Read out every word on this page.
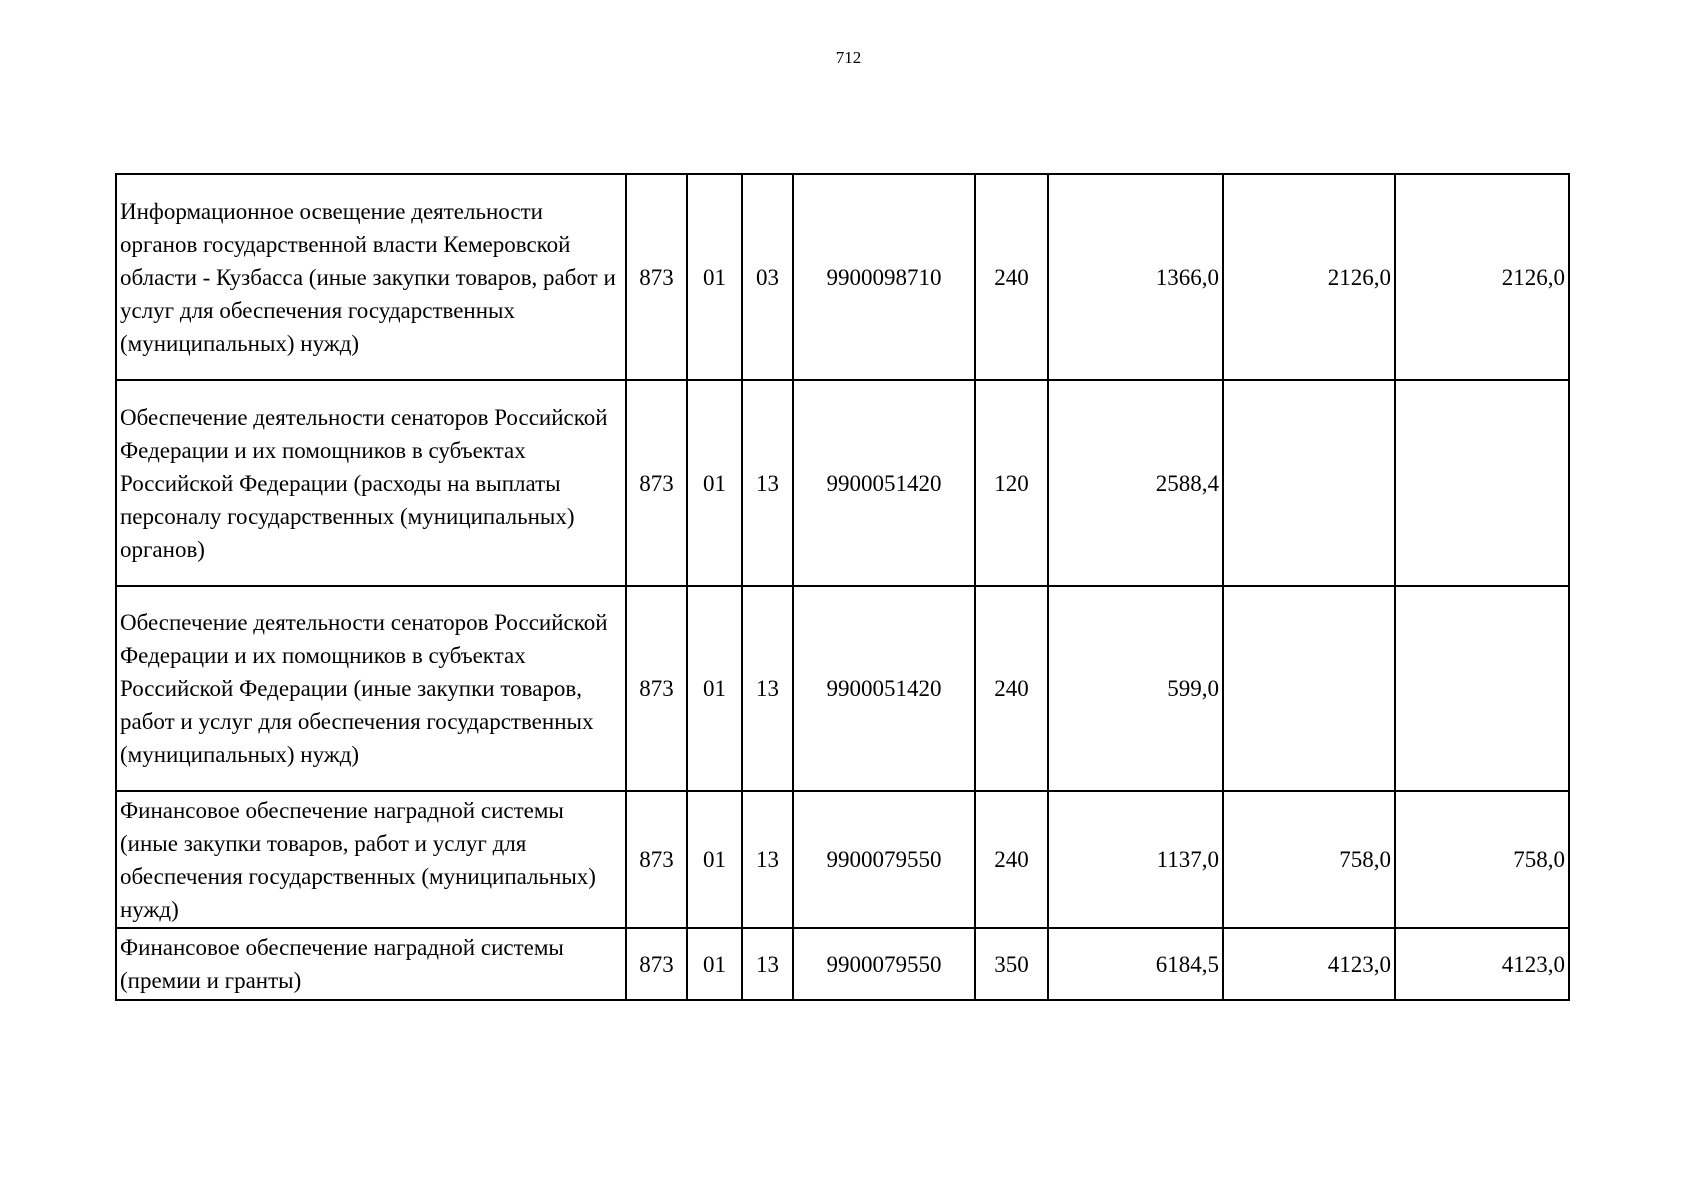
712
Информационное освещение деятельности органов государственной власти Кемеровской области - Кузбасса (иные закупки товаров, работ и услуг для обеспечения государственных (муниципальных) нужд)	873	01	03	9900098710	240	1366,0	2126,0	2126,0
Обеспечение деятельности сенаторов Российской Федерации и их помощников в субъектах Российской Федерации (расходы на выплаты персоналу государственных (муниципальных) органов)	873	01	13	9900051420	120	2588,4		
Обеспечение деятельности сенаторов Российской Федерации и их помощников в субъектах Российской Федерации (иные закупки товаров, работ и услуг для обеспечения государственных (муниципальных) нужд)	873	01	13	9900051420	240	599,0		
Финансовое обеспечение наградной системы (иные закупки товаров, работ и услуг для обеспечения государственных (муниципальных) нужд)	873	01	13	9900079550	240	1137,0	758,0	758,0
Финансовое обеспечение наградной системы (премии и гранты)	873	01	13	9900079550	350	6184,5	4123,0	4123,0
